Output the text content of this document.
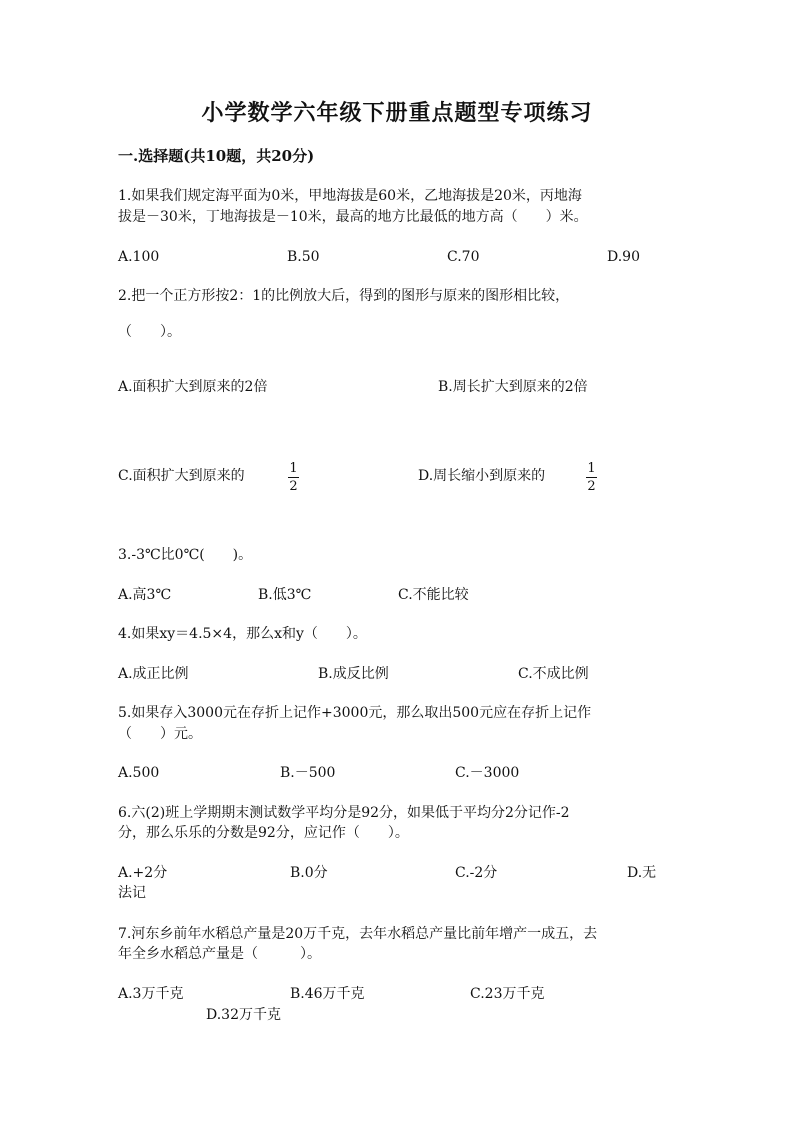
小学数学六年级下册重点题型专项练习
一.选择题(共10题，共20分)
1.如果我们规定海平面为0米，甲地海拔是60米，乙地海拔是20米，丙地海
拔是－30米，丁地海拔是－10米，最高的地方比最低的地方高（　　）米。
A.100	B.50	C.70	D.90
2.把一个正方形按2：1的比例放大后，得到的图形与原来的图形相比较，
（　　）。
A.面积扩大到原来的2倍	B.周长扩大到原来的2倍
C.面积扩大到原来的	1
2
D.周长缩小到原来的	1
2
3.-3℃比0℃(　　)。
A.高3℃	B.低3℃	C.不能比较
4.如果xy＝4.5×4，那么x和y（　　）。
A.成正比例	B.成反比例	C.不成比例
5.如果存入3000元在存折上记作+3000元，那么取出500元应在存折上记作
（　　）元。
A.500	B.－500	C.－3000
6.六(2)班上学期期末测试数学平均分是92分，如果低于平均分2分记作-2
分，那么乐乐的分数是92分，应记作（　　）。
A.+2分	B.0分	C.-2分	D.无
法记
7.河东乡前年水稻总产量是20万千克，去年水稻总产量比前年增产一成五，去
年全乡水稻总产量是（　　　）。
A.3万千克	B.46万千克	C.23万千克
D.32万千克
